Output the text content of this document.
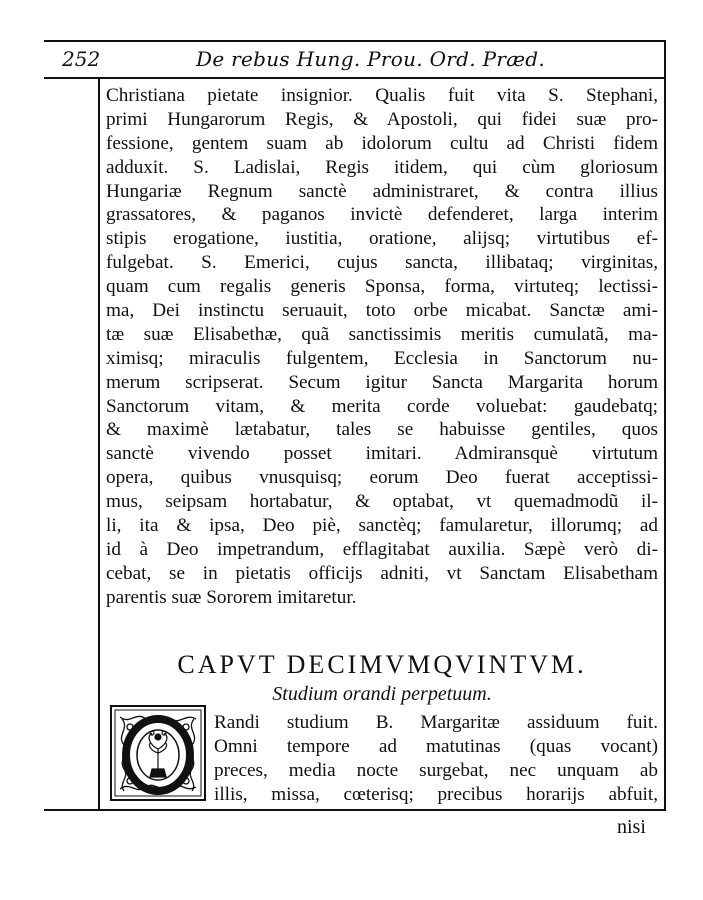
252	De rebus Hung. Prou. Ord. Præd.
Christiana pietate insignior. Qualis fuit vita S. Stephani,
primi Hungarorum Regis, & Apostoli, qui fidei suæ pro-
fessione, gentem suam ab idolorum cultu ad Christi fidem
adduxit. S. Ladislai, Regis itidem, qui cùm gloriosum
Hungariæ Regnum sanctè administraret, & contra illius
grassatores, & paganos invictè defenderet, larga interim
stipis erogatione, iustitia, oratione, alijsq; virtutibus ef-
fulgebat. S. Emerici, cujus sancta, illibataq; virginitas,
quam cum regalis generis Sponsa, forma, virtuteq; lectissi-
ma, Dei instinctu seruauit, toto orbe micabat. Sanctæ ami-
tæ suæ Elisabethæ, quã sanctissimis meritis cumulatã, ma-
ximisq; miraculis fulgentem, Ecclesia in Sanctorum nu-
merum scripserat. Secum igitur Sancta Margarita horum
Sanctorum vitam, & merita corde voluebat: gaudebatq;
& maximè lætabatur, tales se habuisse gentiles, quos
sanctè vivendo posset imitari. Admiransquè virtutum
opera, quibus vnusquisq; eorum Deo fuerat acceptissi-
mus, seipsam hortabatur, & optabat, vt quemadmodũ il-
li, ita & ipsa, Deo piè, sanctèq; famularetur, illorumq; ad
id à Deo impetrandum, efflagitabat auxilia. Sæpè verò di-
cebat, se in pietatis officijs adniti, vt Sanctam Elisabetham
parentis suæ Sororem imitaretur.
CAPVT DECIMVMQVINTVM.
Studium orandi perpetuum.
Randi studium B. Margaritæ assiduum fuit.
Omni tempore ad matutinas (quas vocant)
preces, media nocte surgebat, nec unquam ab
illis, missa, cœterisq; precibus horarijs abfuit,
nisi
